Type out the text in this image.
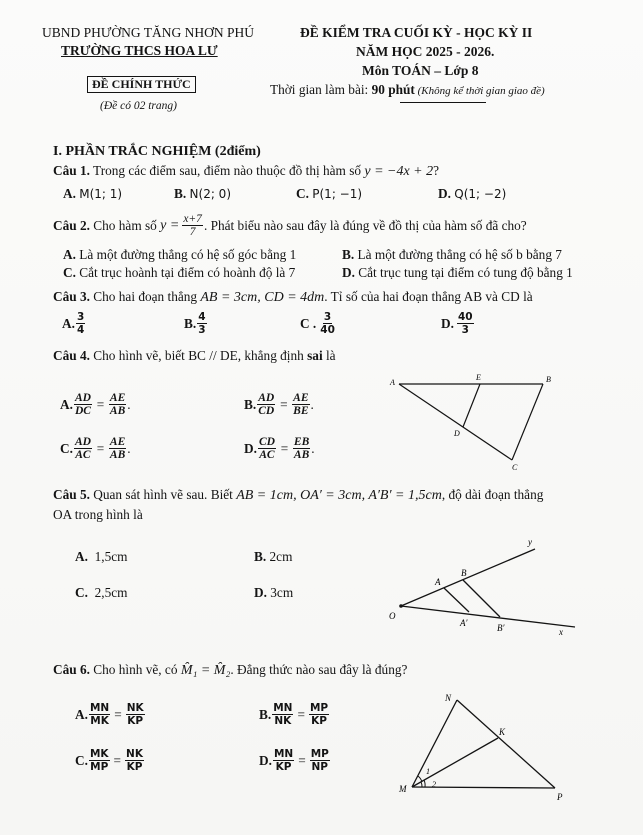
UBND PHƯỜNG TĂNG NHƠN PHÚ
TRƯỜNG THCS HOA LƯ
ĐỀ CHÍNH THỨC
(Đề có 02 trang)
ĐỀ KIỂM TRA CUỐI KỲ - HỌC KỲ II
NĂM HỌC 2025 - 2026.
Môn TOÁN – Lớp 8
Thời gian làm bài: 90 phút (Không kể thời gian giao đề)
I. PHẦN TRẮC NGHIỆM (2điểm)
Câu 1. Trong các điểm sau, điểm nào thuộc đồ thị hàm số y = −4x + 2?
A. M(1; 1)	B. N(2; 0)	C. P(1; −1)	D. Q(1; −2)
Câu 2. Cho hàm số $y = \frac{x+7}{7}$ . Phát biểu nào sau đây là đúng về đồ thị của hàm số đã cho?
A. Là một đường thẳng có hệ số góc bằng 1	B. Là một đường thẳng có hệ số b bằng 7
C. Cắt trục hoành tại điểm có hoành độ là 7	D. Cắt trục tung tại điểm có tung độ bằng 1
Câu 3. Cho hai đoạn thẳng AB = 3cm, CD = 4dm. Tỉ số của hai đoạn thẳng AB và CD là
A. $\frac{3}{4}$	B. $\frac{4}{3}$	C . $\frac{3}{40}$	D. $\frac{40}{3}$
Câu 4. Cho hình vẽ, biết BC // DE, khẳng định sai là
A. $\frac{AD}{DC} = \frac{AE}{AB}$ .	B. $\frac{AD}{CD} = \frac{AE}{BE}$ .
C. $\frac{AD}{AC} = \frac{AE}{AB}$ .	D. $\frac{CD}{AC} = \frac{EB}{AB}$ .
A
E	B
D
C
Câu 5. Quan sát hình vẽ sau. Biết AB = 1cm, OA′ = 3cm, A′B′ = 1,5cm, độ dài đoạn thẳng
OA trong hình là
A. 1,5cm	B. 2cm
C. 2,5cm	D. 3cm
O
A
B
A′	B′	x
y
Câu 6. Cho hình vẽ, có M̂₁ = M̂₂. Đẳng thức nào sau đây là đúng?
A. $\frac{MN}{MK} = \frac{NK}{KP}$	B. $\frac{MN}{NK} = \frac{MP}{KP}$
C. $\frac{MK}{MP} = \frac{NK}{KP}$	D. $\frac{MN}{KP} = \frac{MP}{NP}$
N
K
M
P
1
2
